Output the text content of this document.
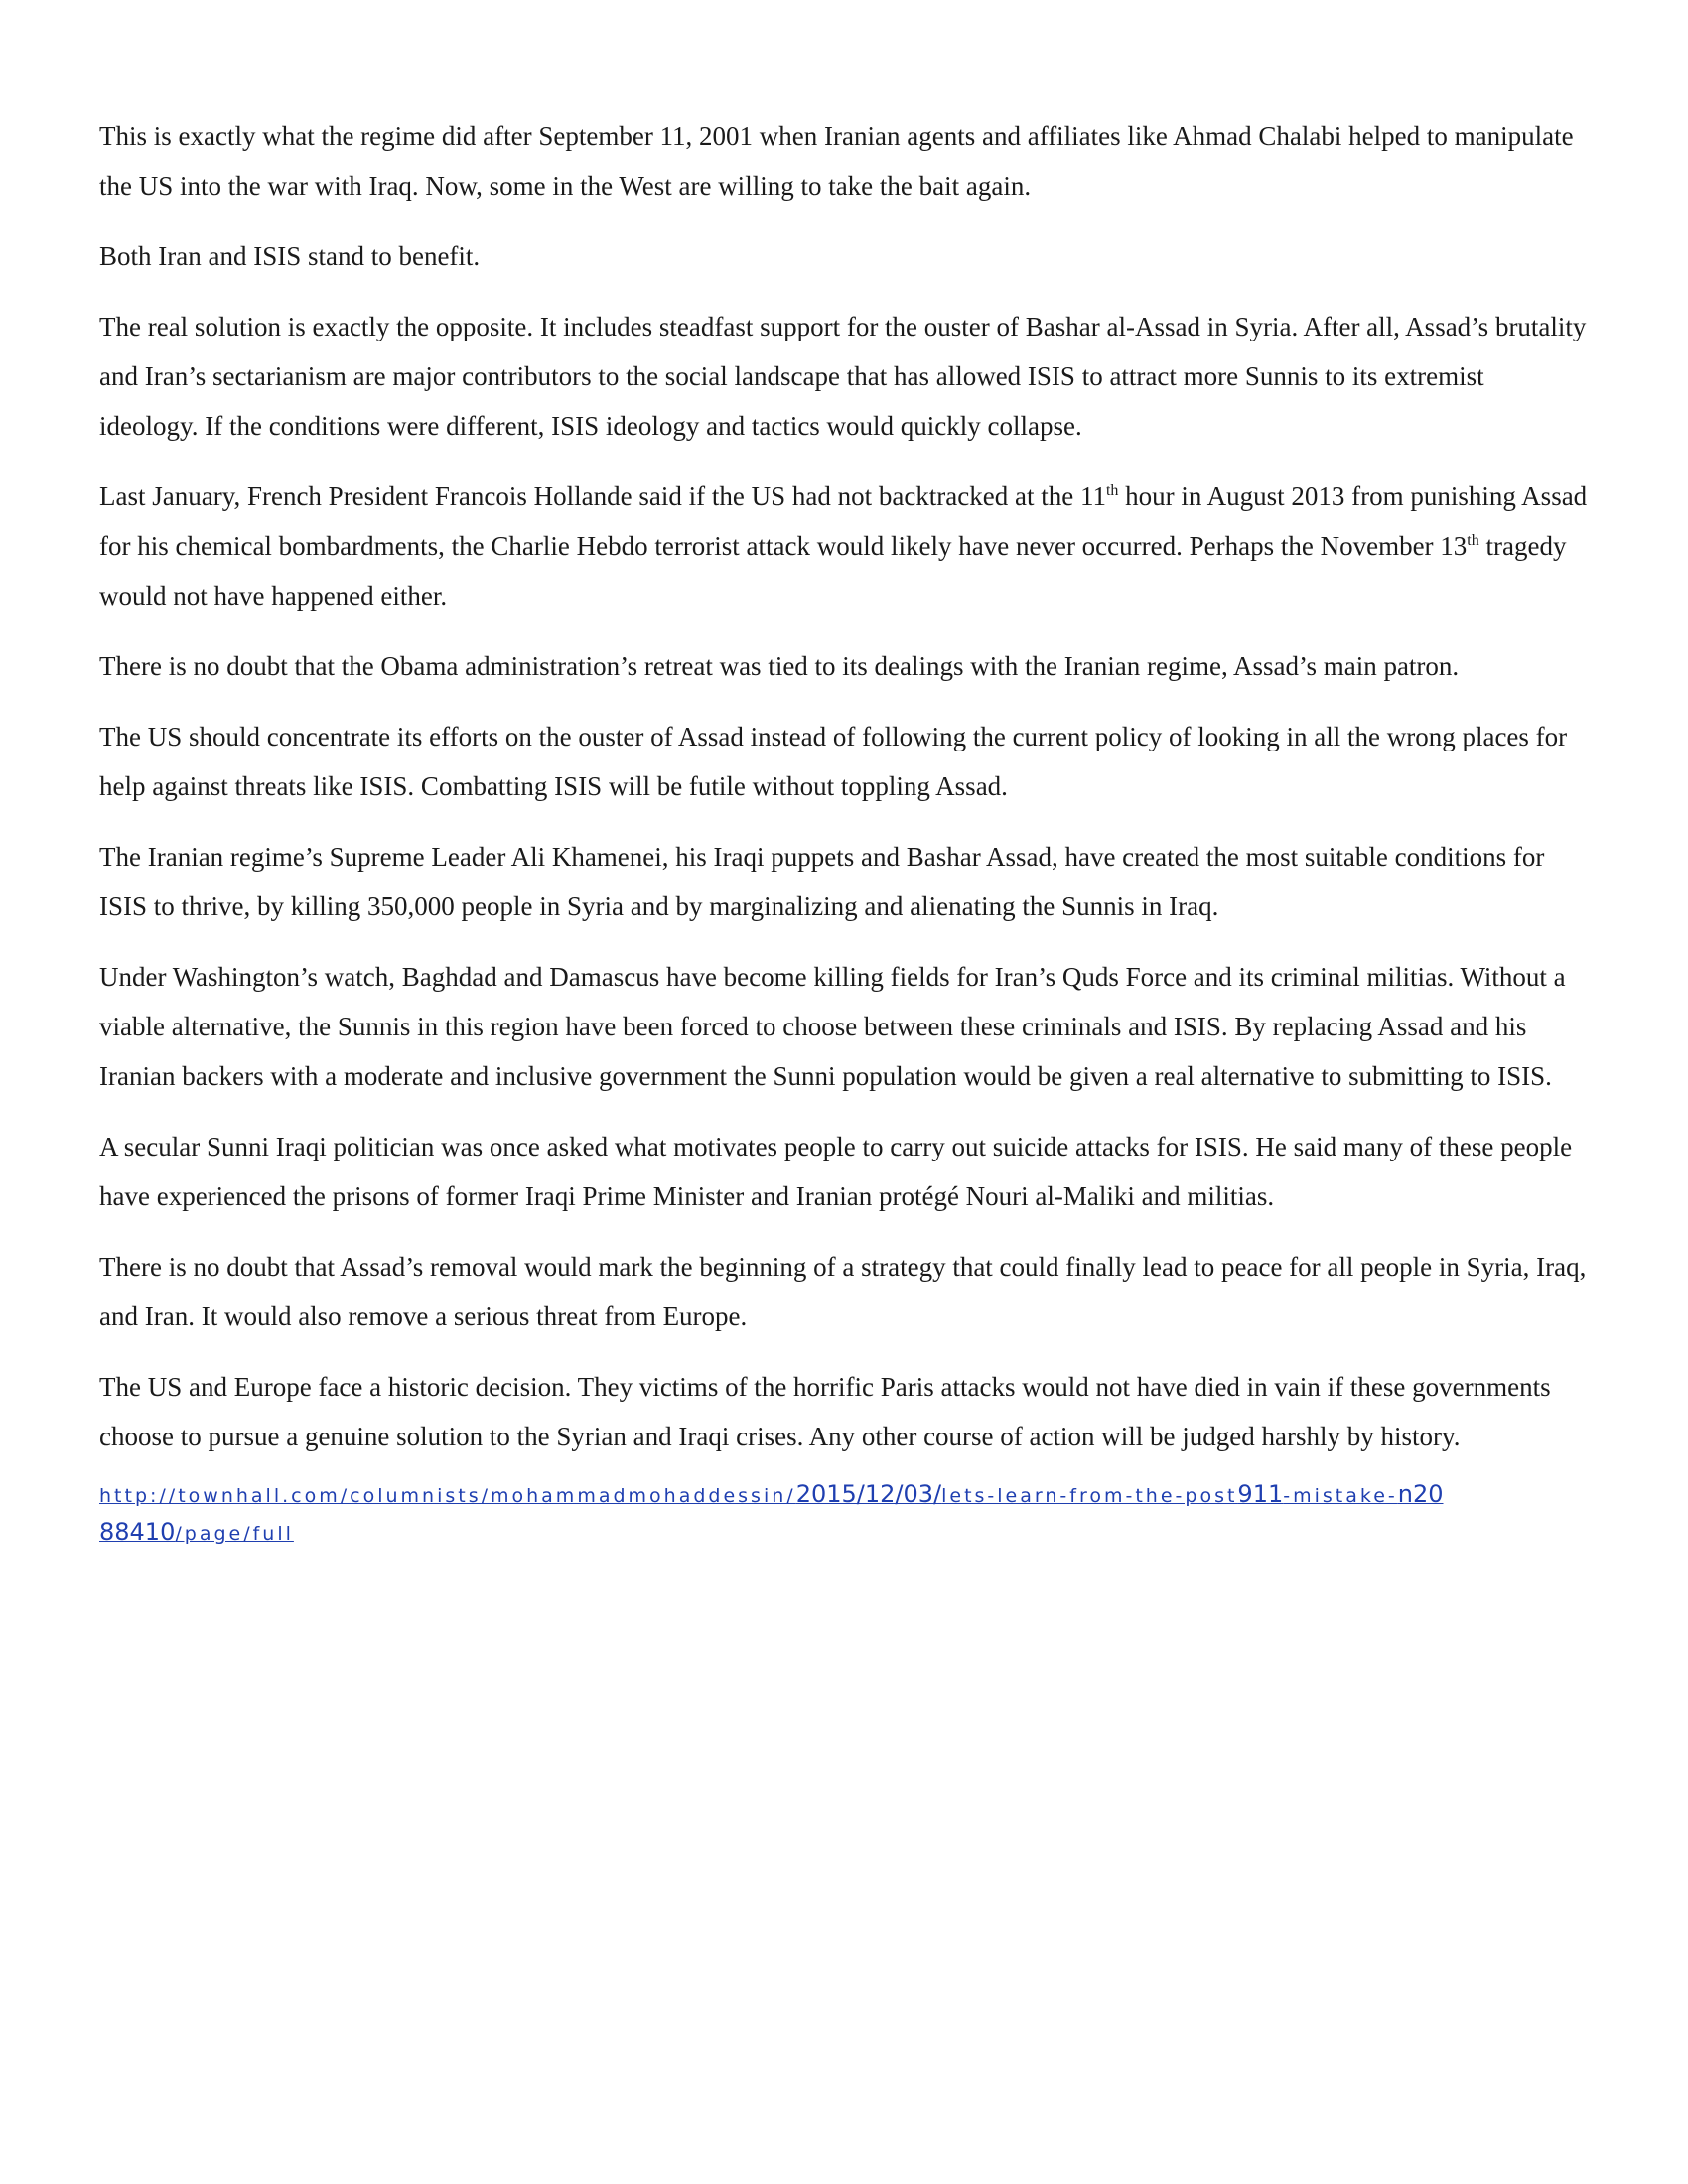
This is exactly what the regime did after September 11, 2001 when Iranian agents and affiliates like Ahmad Chalabi helped to manipulate the US into the war with Iraq. Now, some in the West are willing to take the bait again.

Both Iran and ISIS stand to benefit.

The real solution is exactly the opposite. It includes steadfast support for the ouster of Bashar al-Assad in Syria. After all, Assad’s brutality and Iran’s sectarianism are major contributors to the social landscape that has allowed ISIS to attract more Sunnis to its extremist ideology. If the conditions were different, ISIS ideology and tactics would quickly collapse.

Last January, French President Francois Hollande said if the US had not backtracked at the 11th hour in August 2013 from punishing Assad for his chemical bombardments, the Charlie Hebdo terrorist attack would likely have never occurred. Perhaps the November 13th tragedy would not have happened either.

There is no doubt that the Obama administration’s retreat was tied to its dealings with the Iranian regime, Assad’s main patron.

The US should concentrate its efforts on the ouster of Assad instead of following the current policy of looking in all the wrong places for help against threats like ISIS. Combatting ISIS will be futile without toppling Assad.

The Iranian regime’s Supreme Leader Ali Khamenei, his Iraqi puppets and Bashar Assad, have created the most suitable conditions for ISIS to thrive, by killing 350,000 people in Syria and by marginalizing and alienating the Sunnis in Iraq.

Under Washington’s watch, Baghdad and Damascus have become killing fields for Iran’s Quds Force and its criminal militias. Without a viable alternative, the Sunnis in this region have been forced to choose between these criminals and ISIS. By replacing Assad and his Iranian backers with a moderate and inclusive government the Sunni population would be given a real alternative to submitting to ISIS.

A secular Sunni Iraqi politician was once asked what motivates people to carry out suicide attacks for ISIS. He said many of these people have experienced the prisons of former Iraqi Prime Minister and Iranian protégé Nouri al-Maliki and militias.

There is no doubt that Assad’s removal would mark the beginning of a strategy that could finally lead to peace for all people in Syria, Iraq, and Iran. It would also remove a serious threat from Europe.

The US and Europe face a historic decision. They victims of the horrific Paris attacks would not have died in vain if these governments choose to pursue a genuine solution to the Syrian and Iraqi crises. Any other course of action will be judged harshly by history.

http://townhall.com/columnists/mohammadmohaddessin/2015/12/03/lets-learn-from-the-post911-mistake-n2088410/page/full
